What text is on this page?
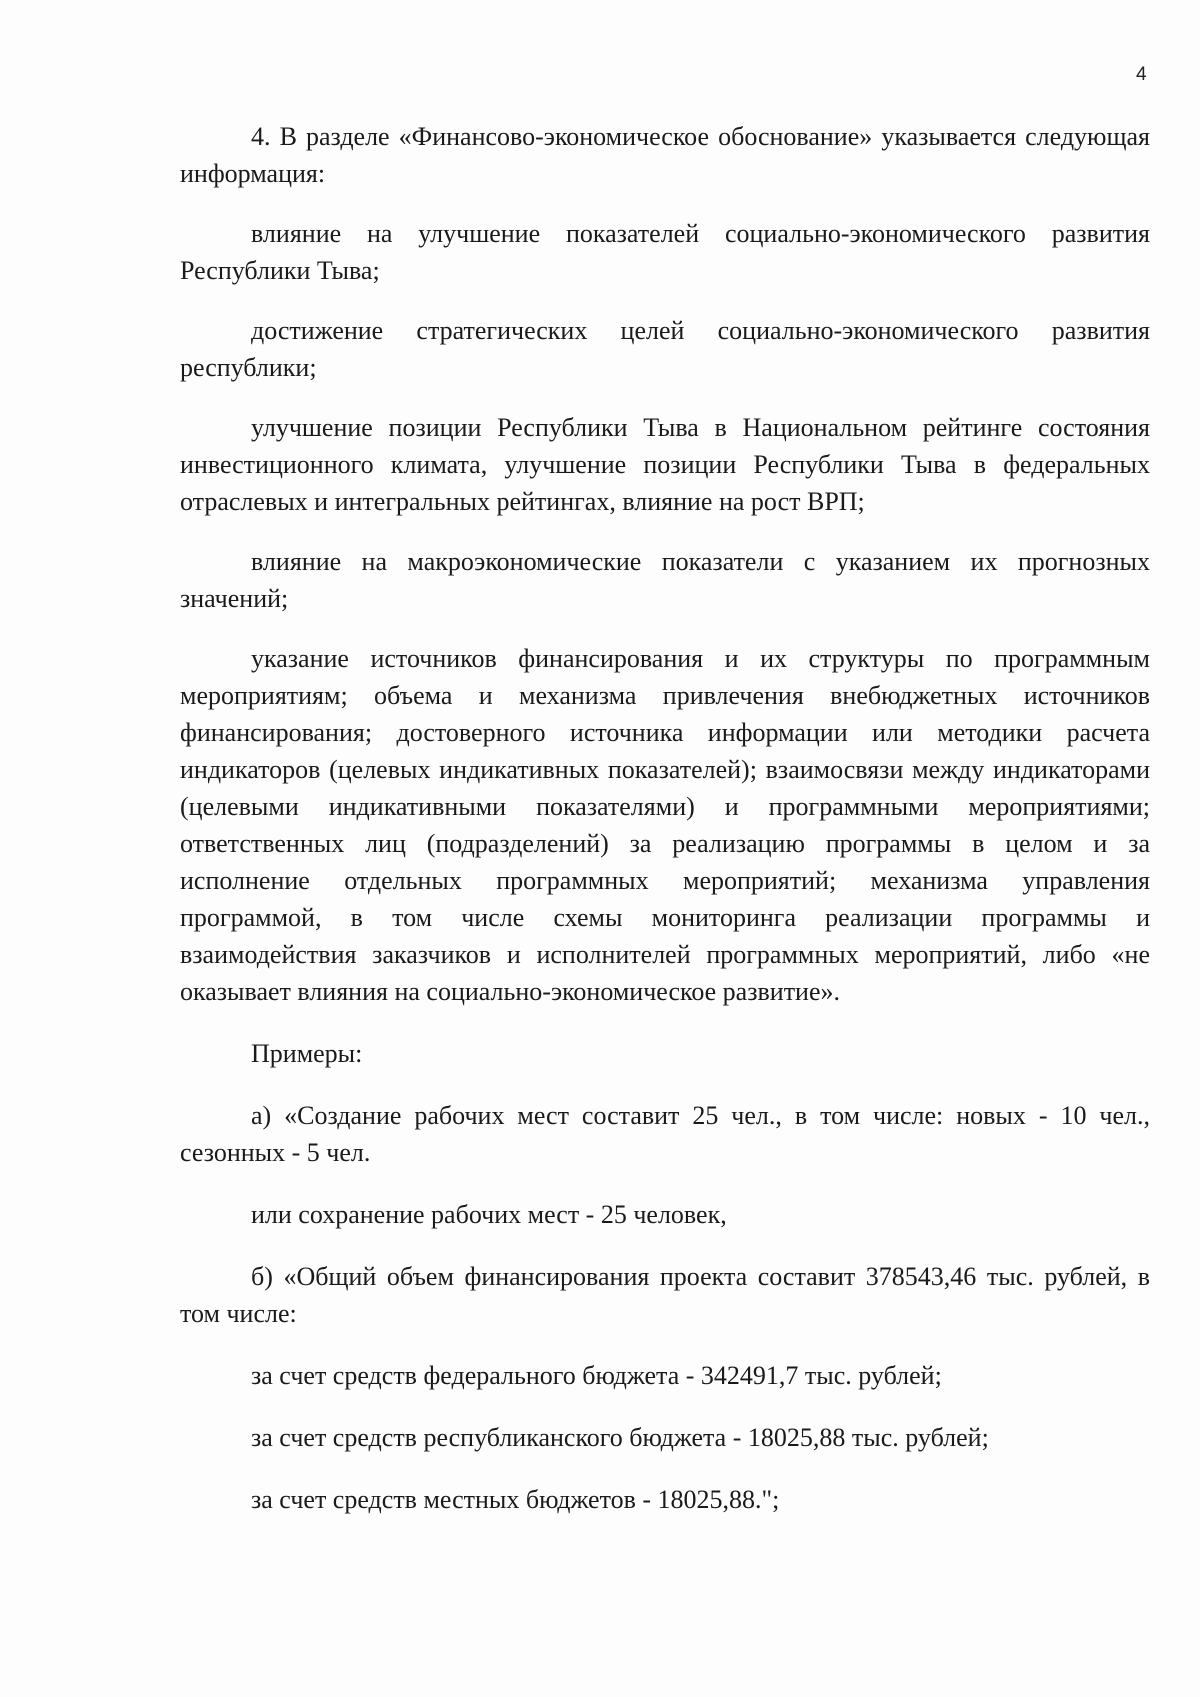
4

4. В разделе «Финансово-экономическое обоснование» указывается следующая информация:

влияние на улучшение показателей социально-экономического развития Республики Тыва;

достижение стратегических целей социально-экономического развития республики;

улучшение позиции Республики Тыва в Национальном рейтинге состояния инвестиционного климата, улучшение позиции Республики Тыва в федеральных отраслевых и интегральных рейтингах, влияние на рост ВРП;

влияние на макроэкономические показатели с указанием их прогнозных значений;

указание источников финансирования и их структуры по программным мероприятиям; объема и механизма привлечения внебюджетных источников финансирования; достоверного источника информации или методики расчета индикаторов (целевых индикативных показателей); взаимосвязи между индикаторами (целевыми индикативными показателями) и программными мероприятиями; ответственных лиц (подразделений) за реализацию программы в целом и за исполнение отдельных программных мероприятий; механизма управления программой, в том числе схемы мониторинга реализации программы и взаимодействия заказчиков и исполнителей программных мероприятий, либо «не оказывает влияния на социально-экономическое развитие».

Примеры:

а) «Создание рабочих мест составит 25 чел., в том числе: новых - 10 чел., сезонных - 5 чел.

или сохранение рабочих мест - 25 человек,

б) «Общий объем финансирования проекта составит 378543,46 тыс. рублей, в том числе:

за счет средств федерального бюджета - 342491,7 тыс. рублей;

за счет средств республиканского бюджета - 18025,88 тыс. рублей;

за счет средств местных бюджетов - 18025,88.";
